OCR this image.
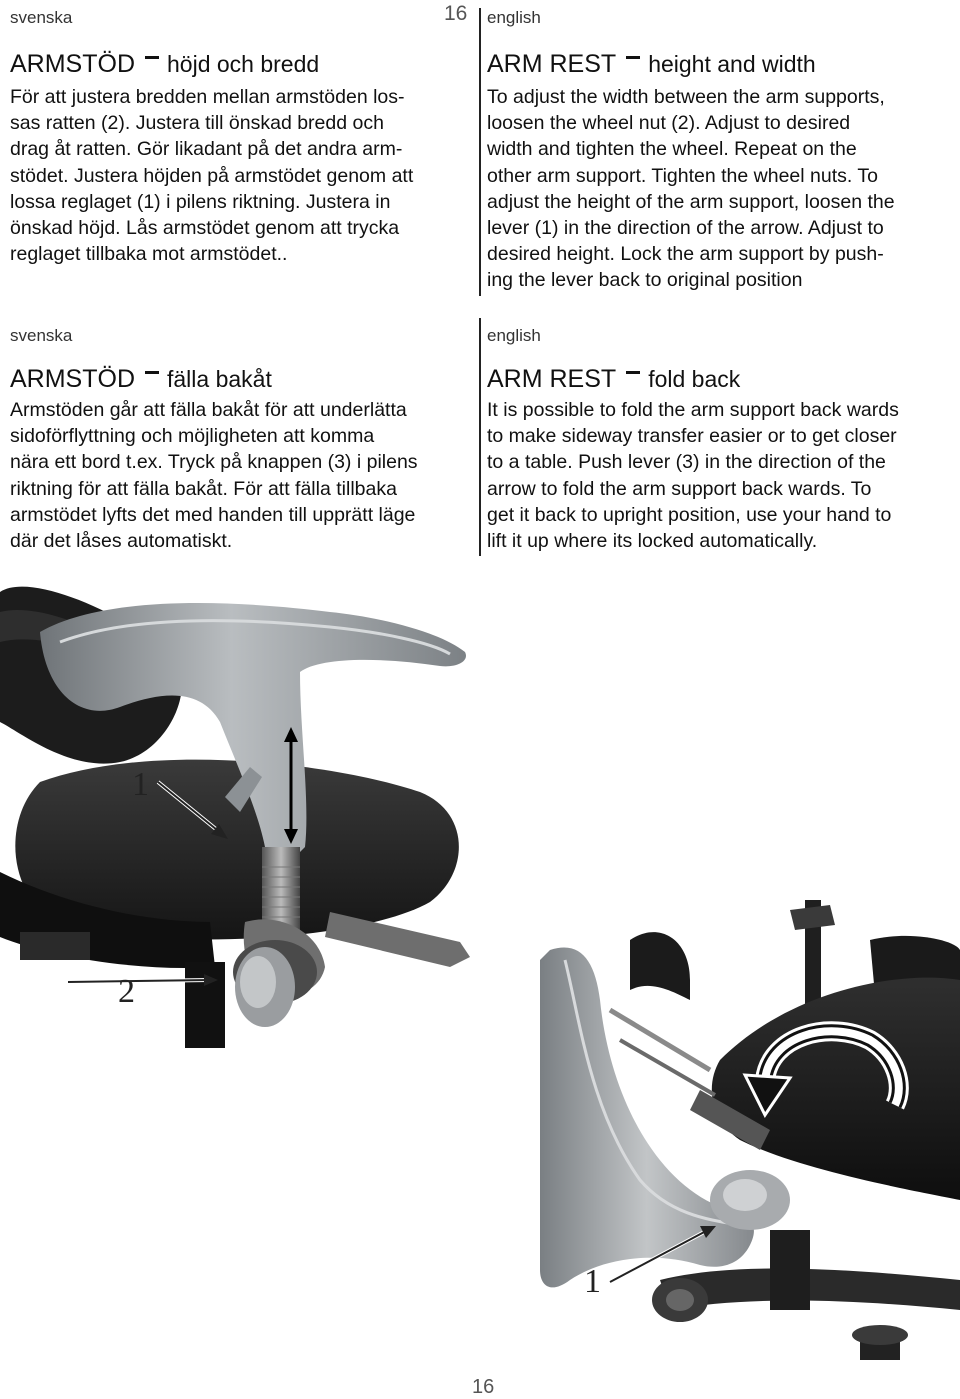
16
svenska
ARMSTÖD höjd och bredd

För att justera bredden mellan armstöden los-

sas ratten (2). Justera till önskad bredd och

drag åt ratten. Gör likadant på det andra arm-

stödet. Justera höjden på armstödet genom att

lossa reglaget (1) i pilens riktning. Justera in

önskad höjd. Lås armstödet genom att trycka

reglaget tillbaka mot armstödet..

english
ARM REST height and width

To adjust the width between the arm supports,

loosen the wheel nut (2). Adjust to desired

width and tighten the wheel. Repeat on the

other arm support. Tighten the wheel nuts. To

adjust the height of the arm support, loosen the

lever (1) in the direction of the arrow. Adjust to

desired height. Lock the arm support by push-

ing the lever back to original position

svenska
ARMSTÖD fälla bakåt

Armstöden går att fälla bakåt för att underlätta

sidoförflyttning och möjligheten att komma

nära ett bord t.ex. Tryck på knappen (3) i pilens

riktning för att fälla bakåt. För att fälla tillbaka

armstödet lyfts det med handen till upprätt läge

där det låses automatiskt.

english
ARM REST fold back

It is possible to fold the arm support back wards

to make sideway transfer easier or to get closer

to a table. Push lever (3) in the direction of the

arrow to fold the arm support back wards. To

get it back to upright position, use your hand to

lift it up where its locked automatically.

1
2
1
16
